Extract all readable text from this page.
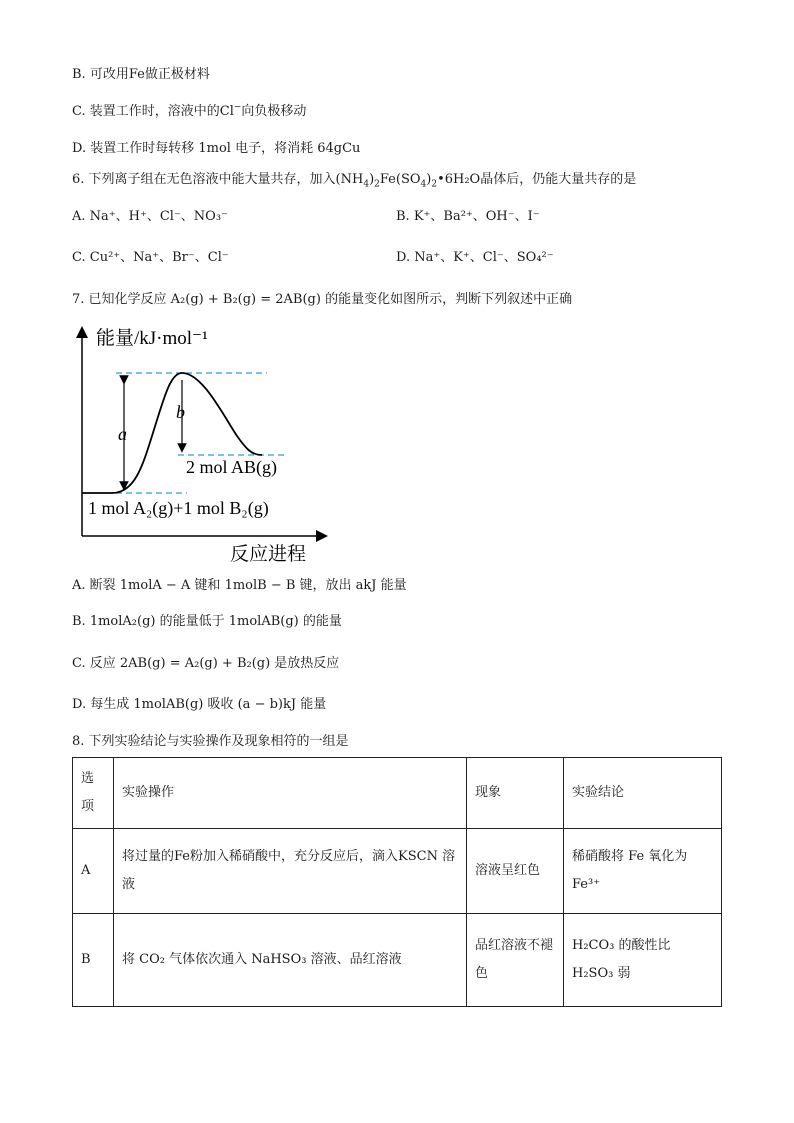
B. 可改用Fe做正极材料
C. 装置工作时，溶液中的Cl−向负极移动
D. 装置工作时每转移 1mol 电子，将消耗 64gCu
6. 下列离子组在无色溶液中能大量共存，加入$(NH_4)_2Fe(SO_4)_2•6H_2O$晶体后，仍能大量共存的是
A. Na⁺、H⁺、Cl⁻、NO₃⁻	B. K⁺、Ba²⁺、OH⁻、I⁻
C. Cu²⁺、Na⁺、Br⁻、Cl⁻	D. Na⁺、K⁺、Cl⁻、SO₄²⁻
7. 已知化学反应 A₂(g) + B₂(g) = 2AB(g) 的能量变化如图所示，判断下列叙述中正确
能量/kJ·mol⁻¹
反应进程
a
b
2 mol AB(g)
1 mol A₂(g)+1 mol B₂(g)
A. 断裂 1molA − A 键和 1molB − B 键，放出 akJ 能量
B. 1molA₂(g) 的能量低于 1molAB(g) 的能量
C. 反应 2AB(g) = A₂(g) + B₂(g) 是放热反应
D. 每生成 1molAB(g) 吸收 (a − b)kJ 能量
8. 下列实验结论与实验操作及现象相符的一组是
选项	实验操作	现象	实验结论
A	将过量的Fe粉加入稀硝酸中，充分反应后，滴入KSCN 溶液	溶液呈红色	稀硝酸将 Fe 氧化为 Fe³⁺
B	将 CO₂ 气体依次通入 NaHSO₃ 溶液、品红溶液	品红溶液不褪色	H₂CO₃ 的酸性比 H₂SO₃ 弱
